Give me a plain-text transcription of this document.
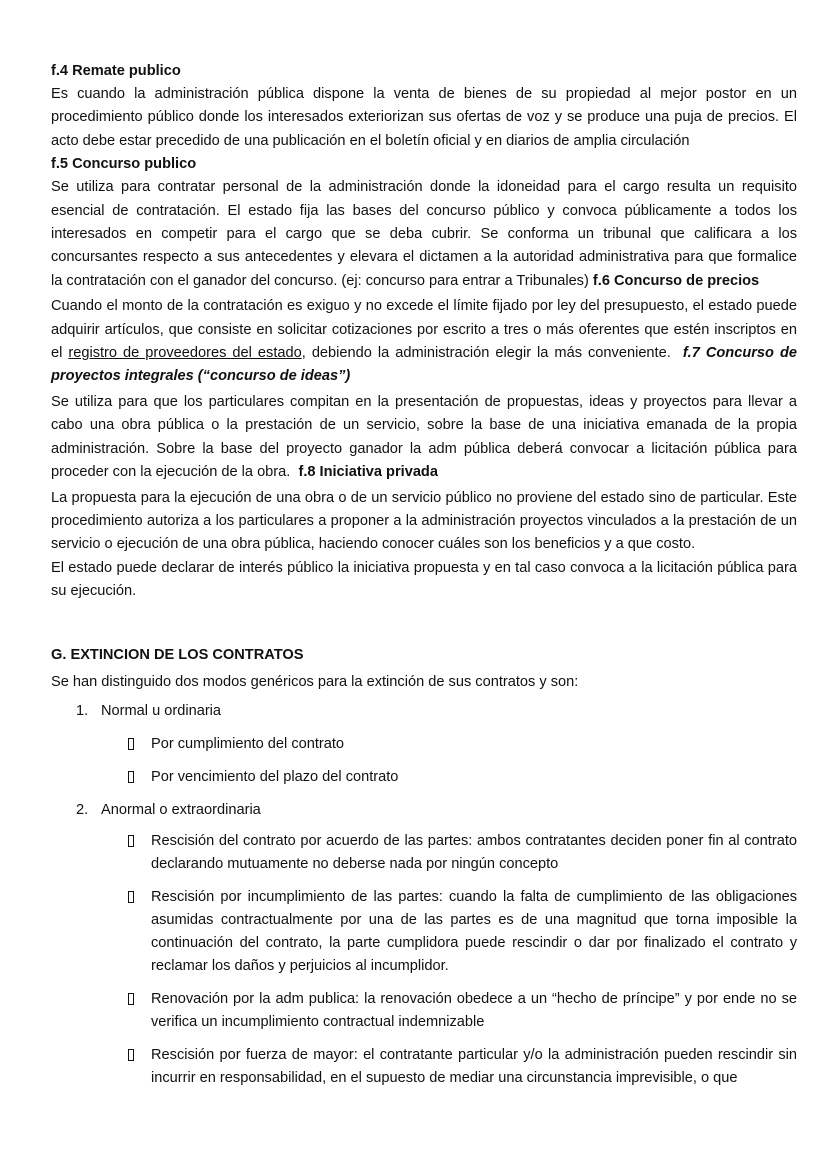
f.4 Remate publico

Es cuando la administración pública dispone la venta de bienes de su propiedad al mejor postor en un procedimiento público donde los interesados exteriorizan sus ofertas de voz y se produce una puja de precios. El acto debe estar precedido de una publicación en el boletín oficial y en diarios de amplia circulación

f.5 Concurso publico

Se utiliza para contratar personal de la administración donde la idoneidad para el cargo resulta un requisito esencial de contratación. El estado fija las bases del concurso público y convoca públicamente a todos los interesados en competir para el cargo que se deba cubrir. Se conforma un tribunal que calificara a los concursantes respecto a sus antecedentes y elevara el dictamen a la autoridad administrativa para que formalice la contratación con el ganador del concurso. (ej: concurso para entrar a Tribunales) f.6 Concurso de precios

Cuando el monto de la contratación es exiguo y no excede el límite fijado por ley del presupuesto, el estado puede adquirir artículos, que consiste en solicitar cotizaciones por escrito a tres o más oferentes que estén inscriptos en el registro de proveedores del estado, debiendo la administración elegir la más conveniente. f.7 Concurso de proyectos integrales (“concurso de ideas”)

Se utiliza para que los particulares compitan en la presentación de propuestas, ideas y proyectos para llevar a cabo una obra pública o la prestación de un servicio, sobre la base de una iniciativa emanada de la propia administración. Sobre la base del proyecto ganador la adm pública deberá convocar a licitación pública para proceder con la ejecución de la obra. f.8 Iniciativa privada

La propuesta para la ejecución de una obra o de un servicio público no proviene del estado sino de particular. Este procedimiento autoriza a los particulares a proponer a la administración proyectos vinculados a la prestación de un servicio o ejecución de una obra pública, haciendo conocer cuáles son los beneficios y a que costo.

El estado puede declarar de interés público la iniciativa propuesta y en tal caso convoca a la licitación pública para su ejecución.

G. EXTINCION DE LOS CONTRATOS

Se han distinguido dos modos genéricos para la extinción de sus contratos y son:

1. Normal u ordinaria
Por cumplimiento del contrato
Por vencimiento del plazo del contrato
2. Anormal o extraordinaria
Rescisión del contrato por acuerdo de las partes: ambos contratantes deciden poner fin al contrato declarando mutuamente no deberse nada por ningún concepto
Rescisión por incumplimiento de las partes: cuando la falta de cumplimiento de las obligaciones asumidas contractualmente por una de las partes es de una magnitud que torna imposible la continuación del contrato, la parte cumplidora puede rescindir o dar por finalizado el contrato y reclamar los daños y perjuicios al incumplidor.
Renovación por la adm publica: la renovación obedece a un “hecho de príncipe” y por ende no se verifica un incumplimiento contractual indemnizable
Rescisión por fuerza de mayor: el contratante particular y/o la administración pueden rescindir sin incurrir en responsabilidad, en el supuesto de mediar una circunstancia imprevisible, o que
